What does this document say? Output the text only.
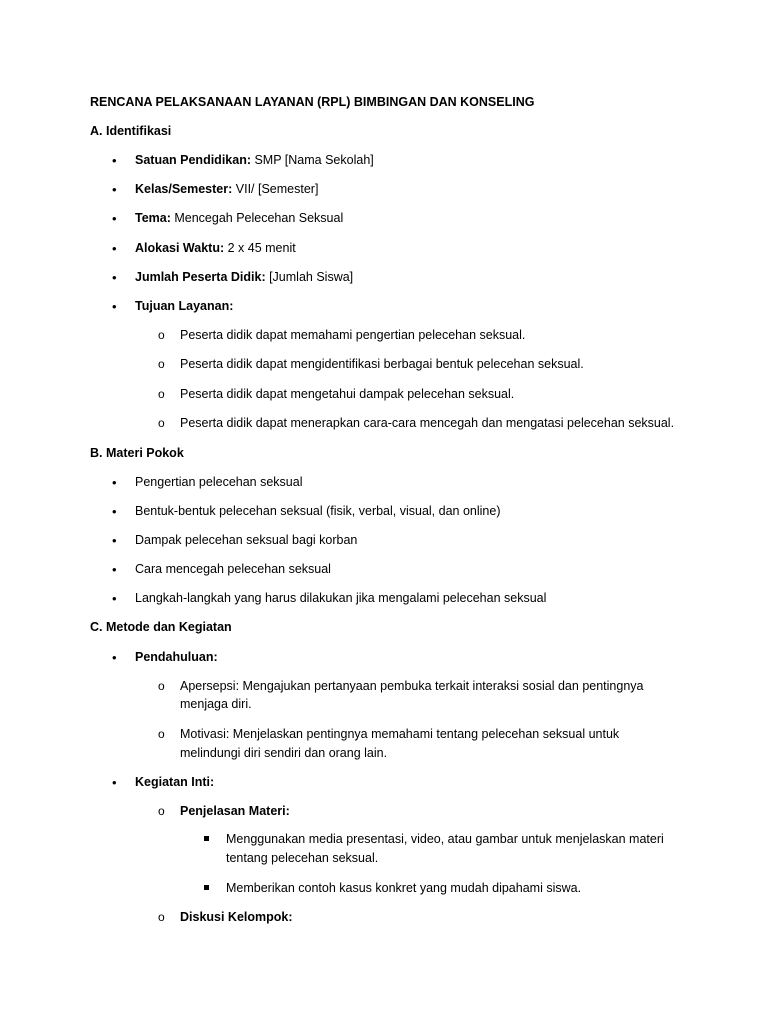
RENCANA PELAKSANAAN LAYANAN (RPL) BIMBINGAN DAN KONSELING
A. Identifikasi
• Satuan Pendidikan: SMP [Nama Sekolah]
• Kelas/Semester: VII/ [Semester]
• Tema: Mencegah Pelecehan Seksual
• Alokasi Waktu: 2 x 45 menit
• Jumlah Peserta Didik: [Jumlah Siswa]
• Tujuan Layanan:
o Peserta didik dapat memahami pengertian pelecehan seksual.
o Peserta didik dapat mengidentifikasi berbagai bentuk pelecehan seksual.
o Peserta didik dapat mengetahui dampak pelecehan seksual.
o Peserta didik dapat menerapkan cara-cara mencegah dan mengatasi pelecehan seksual.
B. Materi Pokok
• Pengertian pelecehan seksual
• Bentuk-bentuk pelecehan seksual (fisik, verbal, visual, dan online)
• Dampak pelecehan seksual bagi korban
• Cara mencegah pelecehan seksual
• Langkah-langkah yang harus dilakukan jika mengalami pelecehan seksual
C. Metode dan Kegiatan
• Pendahuluan:
o Apersepsi: Mengajukan pertanyaan pembuka terkait interaksi sosial dan pentingnya
menjaga diri.
o Motivasi: Menjelaskan pentingnya memahami tentang pelecehan seksual untuk
melindungi diri sendiri dan orang lain.
• Kegiatan Inti:
o Penjelasan Materi:
Menggunakan media presentasi, video, atau gambar untuk menjelaskan materi
tentang pelecehan seksual.
Memberikan contoh kasus konkret yang mudah dipahami siswa.
o Diskusi Kelompok:
